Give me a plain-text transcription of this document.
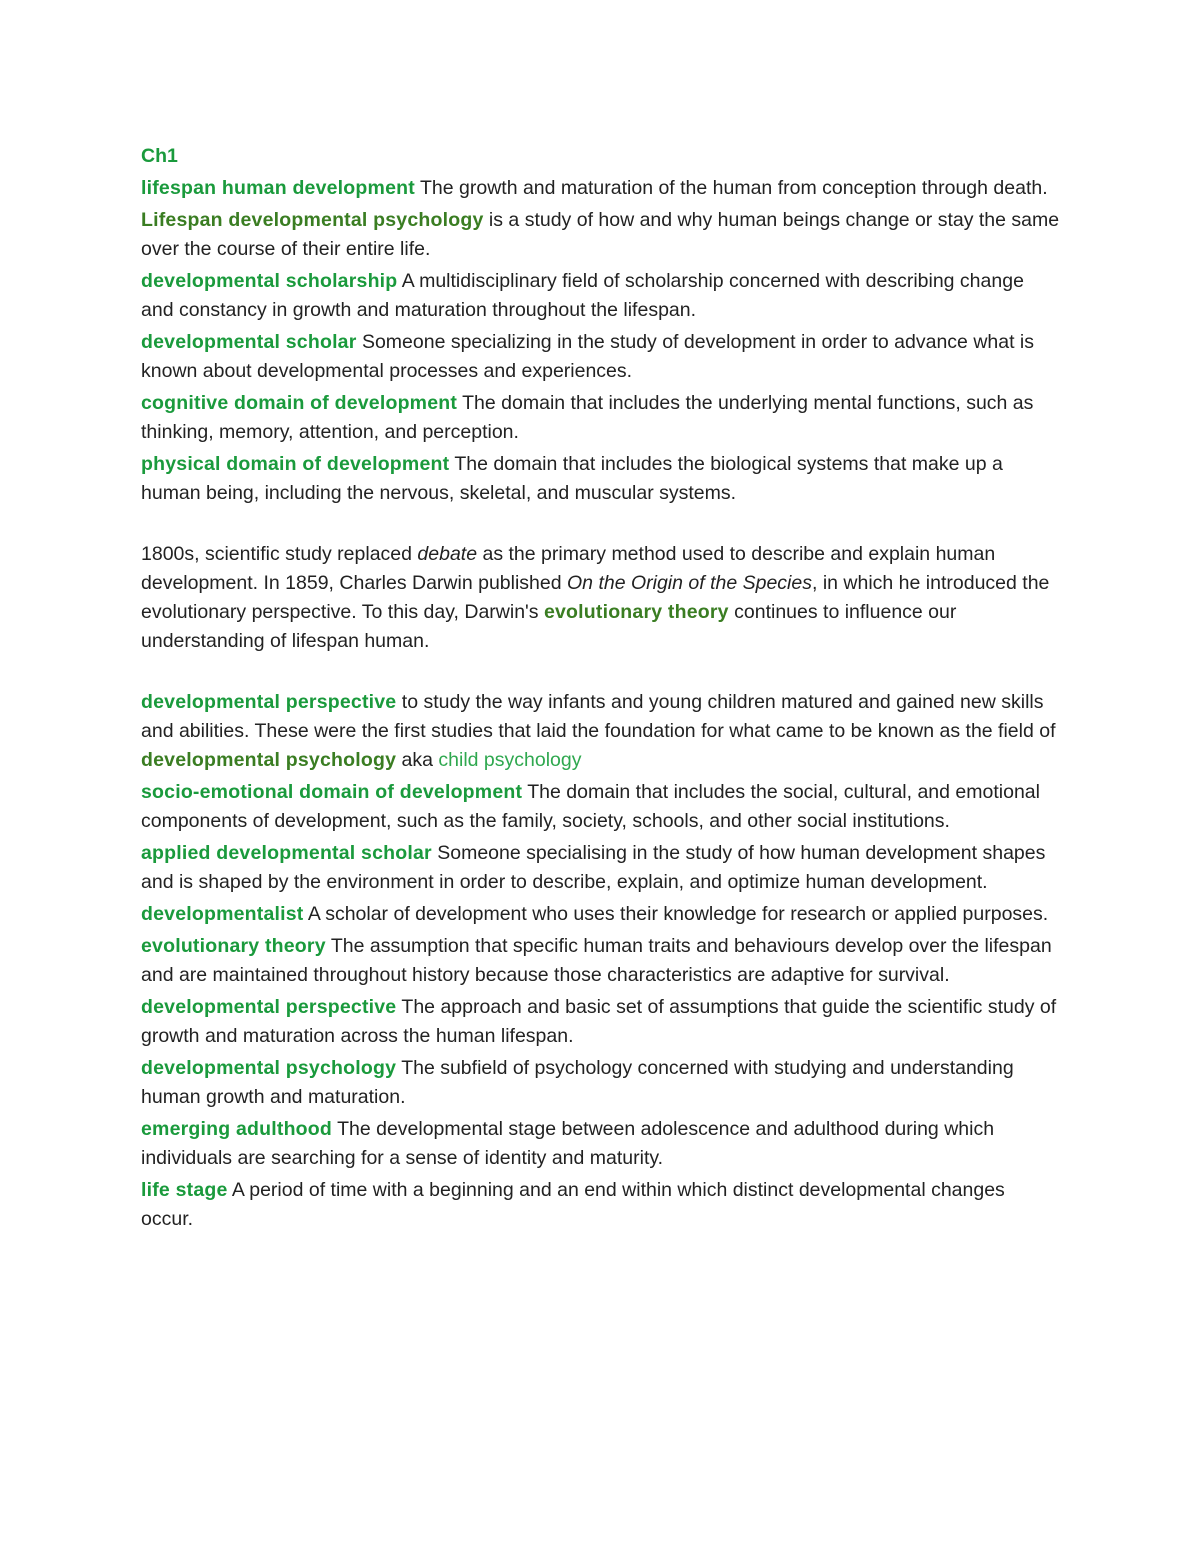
Ch1
lifespan human development The growth and maturation of the human from conception through death.
Lifespan developmental psychology is a study of how and why human beings change or stay the same over the course of their entire life.
developmental scholarship A multidisciplinary field of scholarship concerned with describing change and constancy in growth and maturation throughout the lifespan.
developmental scholar Someone specializing in the study of development in order to advance what is known about developmental processes and experiences.
cognitive domain of development The domain that includes the underlying mental functions, such as thinking, memory, attention, and perception.
physical domain of development The domain that includes the biological systems that make up a human being, including the nervous, skeletal, and muscular systems.
1800s, scientific study replaced debate as the primary method used to describe and explain human development. In 1859, Charles Darwin published On the Origin of the Species, in which he introduced the evolutionary perspective. To this day, Darwin's evolutionary theory continues to influence our understanding of lifespan human.
developmental perspective to study the way infants and young children matured and gained new skills and abilities. These were the first studies that laid the foundation for what came to be known as the field of developmental psychology aka child psychology
socio-emotional domain of development The domain that includes the social, cultural, and emotional components of development, such as the family, society, schools, and other social institutions.
applied developmental scholar Someone specialising in the study of how human development shapes and is shaped by the environment in order to describe, explain, and optimize human development.
developmentalist A scholar of development who uses their knowledge for research or applied purposes.
evolutionary theory The assumption that specific human traits and behaviours develop over the lifespan and are maintained throughout history because those characteristics are adaptive for survival.
developmental perspective The approach and basic set of assumptions that guide the scientific study of growth and maturation across the human lifespan.
developmental psychology The subfield of psychology concerned with studying and understanding human growth and maturation.
emerging adulthood The developmental stage between adolescence and adulthood during which individuals are searching for a sense of identity and maturity.
life stage A period of time with a beginning and an end within which distinct developmental changes occur.
